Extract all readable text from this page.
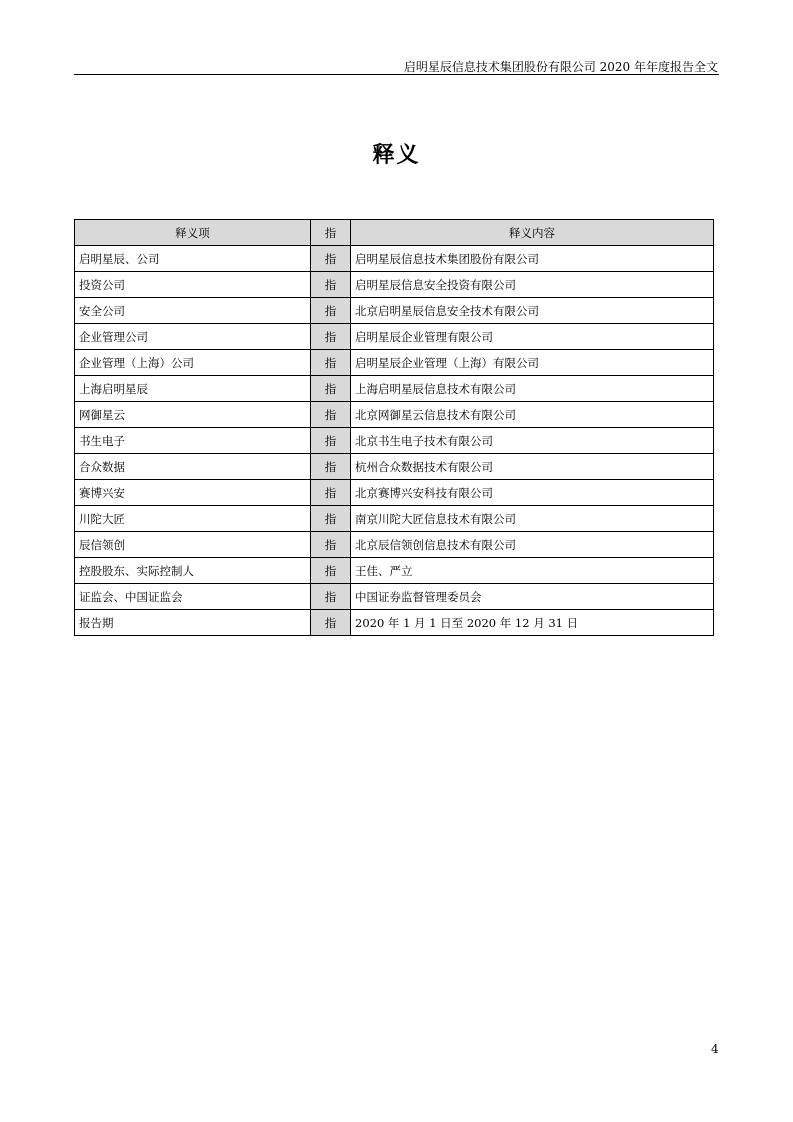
启明星辰信息技术集团股份有限公司 2020 年年度报告全文
释义
释义项	指	释义内容
启明星辰、公司	指	启明星辰信息技术集团股份有限公司
投资公司	指	启明星辰信息安全投资有限公司
安全公司	指	北京启明星辰信息安全技术有限公司
企业管理公司	指	启明星辰企业管理有限公司
企业管理（上海）公司	指	启明星辰企业管理（上海）有限公司
上海启明星辰	指	上海启明星辰信息技术有限公司
网御星云	指	北京网御星云信息技术有限公司
书生电子	指	北京书生电子技术有限公司
合众数据	指	杭州合众数据技术有限公司
赛博兴安	指	北京赛博兴安科技有限公司
川陀大匠	指	南京川陀大匠信息技术有限公司
辰信领创	指	北京辰信领创信息技术有限公司
控股股东、实际控制人	指	王佳、严立
证监会、中国证监会	指	中国证券监督管理委员会
报告期	指	2020 年 1 月 1 日至 2020 年 12 月 31 日
4
